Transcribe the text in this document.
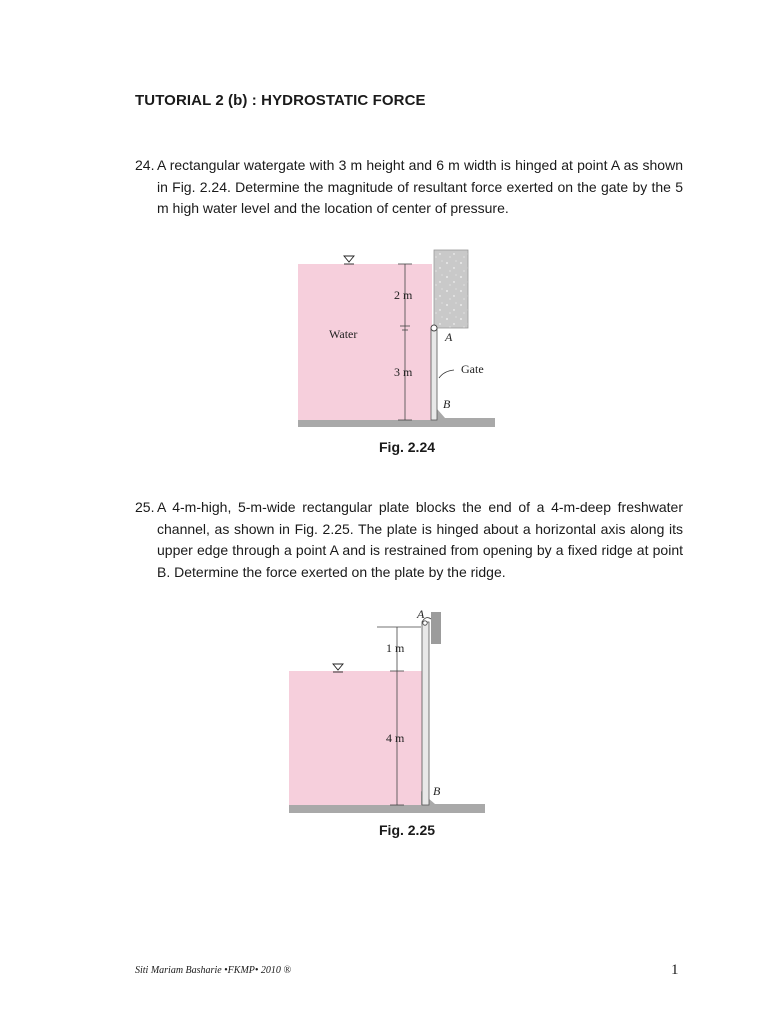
TUTORIAL 2 (b) : HYDROSTATIC FORCE
24. A rectangular watergate with 3 m height and 6 m width is hinged at point A as shown in Fig. 2.24. Determine the magnitude of resultant force exerted on the gate by the 5 m high water level and the location of center of pressure.
2 m
3 m
Water	A
B
Gate
Fig. 2.24
25. A 4-m-high, 5-m-wide rectangular plate blocks the end of a 4-m-deep freshwater channel, as shown in Fig. 2.25. The plate is hinged about a horizontal axis along its upper edge through a point A and is restrained from opening by a fixed ridge at point B. Determine the force exerted on the plate by the ridge.
1 m
4 m
A
B
Fig. 2.25
Siti Mariam Basharie •FKMP• 2010 ®	1
